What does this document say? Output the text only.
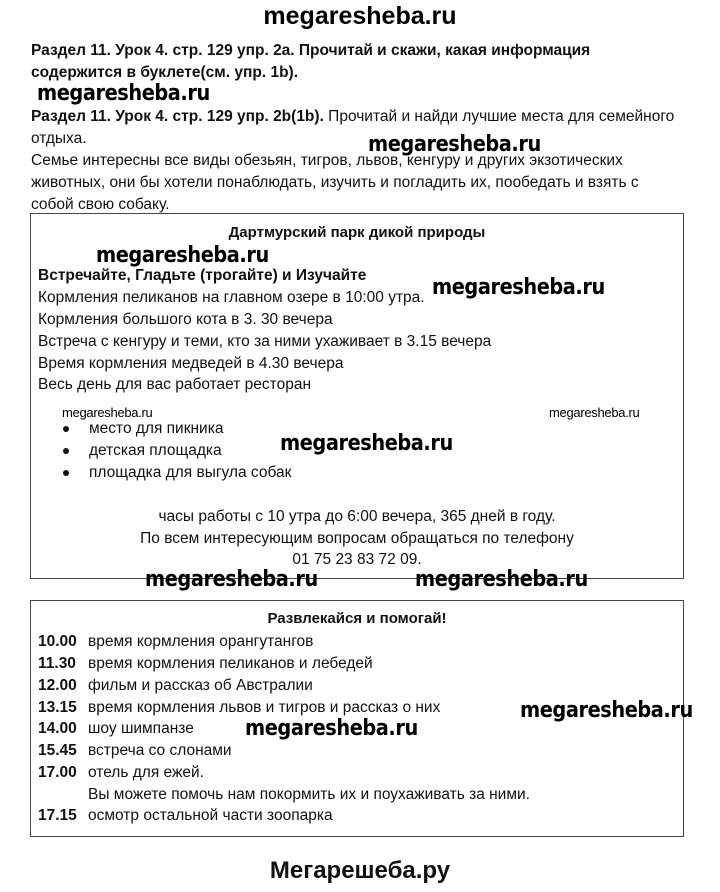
megaresheba.ru
Раздел 11. Урок 4. стр. 129 упр. 2a. Прочитай и скажи, какая информация содержится в буклете(см. упр. 1b).
Раздел 11. Урок 4. стр. 129 упр. 2b(1b). Прочитай и найди лучшие места для семейного отдыха.
Семье интересны все виды обезьян, тигров, львов, кенгуру и других экзотических животных, они бы хотели понаблюдать, изучить и погладить их, пообедать и взять с собой свою собаку.
Дартмурский парк дикой природы
Встречайте, Гладьте (трогайте) и Изучайте
Кормления пеликанов на главном озере в 10:00 утра.
Кормления большого кота в 3. 30 вечера
Встреча с кенгуру и теми, кто за ними ухаживает в 3.15 вечера
Время кормления медведей в 4.30 вечера
Весь день для вас работает ресторан
место для пикника
детская площадка
площадка для выгула собак
часы работы с 10 утра до 6:00 вечера, 365 дней в году.
По всем интересующим вопросам обращаться по телефону
01 75 23 83 72 09.
Развлекайся и помогай!
10.00 время кормления орангутангов
11.30 время кормления пеликанов и лебедей
12.00 фильм и рассказ об Австралии
13.15 время кормления львов и тигров и рассказ о них
14.00 шоу шимпанзе
15.45 встреча со слонами
17.00 отель для ежей.
Вы можете помочь нам покормить их и поухаживать за ними.
17.15 осмотр остальной части зоопарка
megaresheba.ru
megaresheba.ru
megaresheba.ru
megaresheba.ru
megaresheba.ru	megaresheba.ru
megaresheba.ru
megaresheba.ru	megaresheba.ru
megaresheba.ru
megaresheba.ru
Мегарешеба.ру
